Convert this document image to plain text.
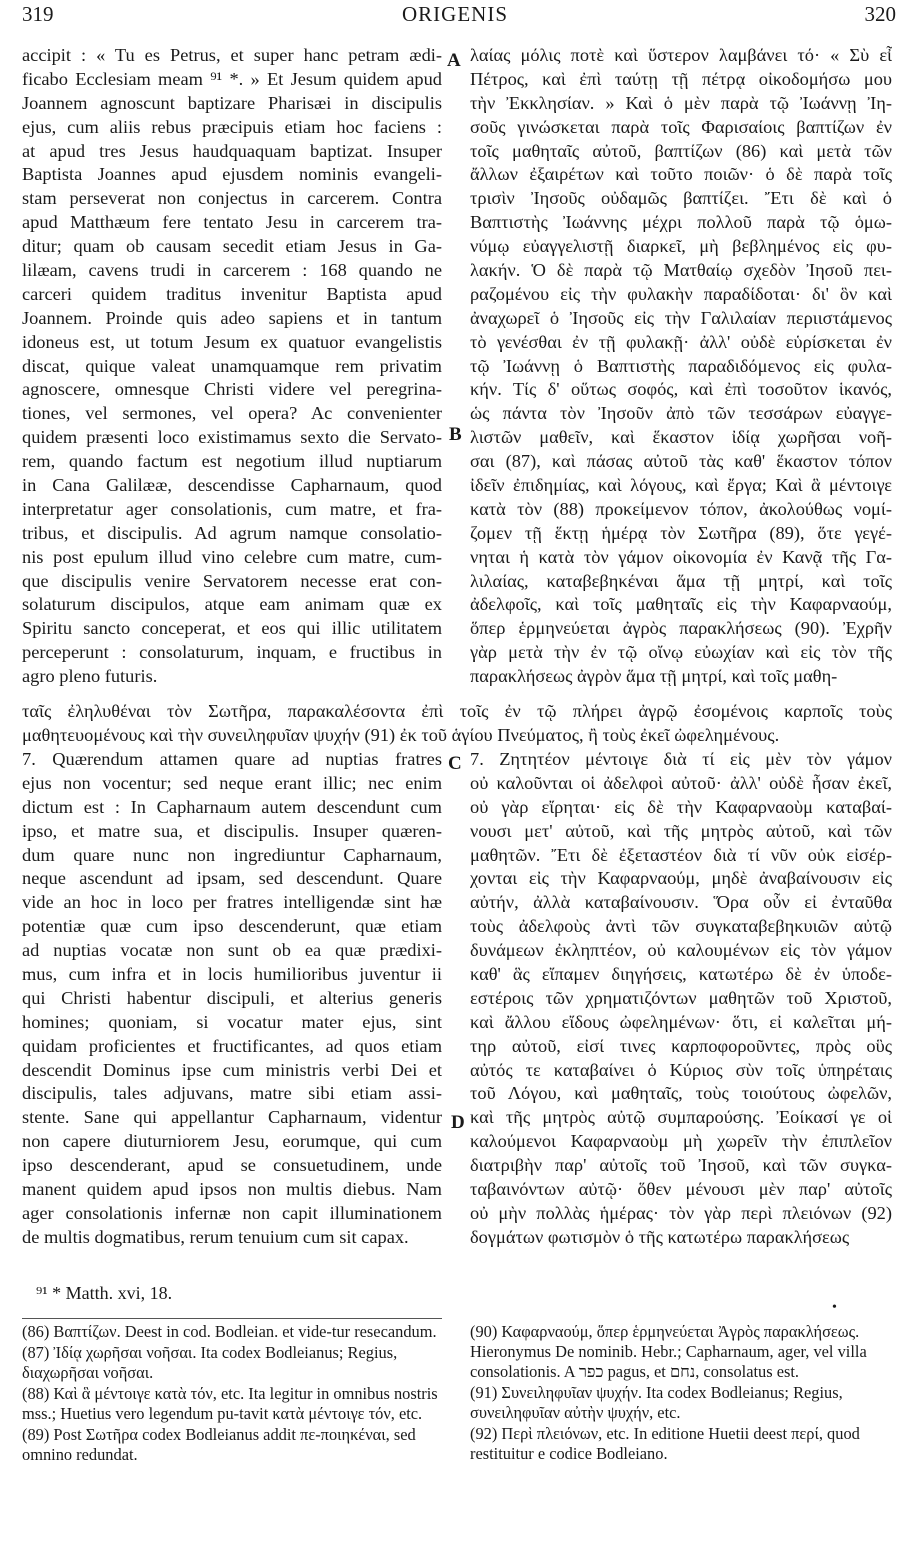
319	ORIGENIS	320
A
B
C
D
accipit : « Tu es Petrus, et super hanc petram ædi-
ficabo Ecclesiam meam ⁹¹ *. » Et Jesum quidem apud
Joannem agnoscunt baptizare Pharisæi in discipulis
ejus, cum aliis rebus præcipuis etiam hoc faciens :
at apud tres Jesus haudquaquam baptizat. Insuper
Baptista Joannes apud ejusdem nominis evangeli-
stam perseverat non conjectus in carcerem. Contra
apud Matthæum fere tentato Jesu in carcerem tra-
ditur; quam ob causam secedit etiam Jesus in Ga-
lilæam, cavens trudi in carcerem : 168 quando ne
carceri quidem traditus invenitur Baptista apud
Joannem. Proinde quis adeo sapiens et in tantum
idoneus est, ut totum Jesum ex quatuor evangelistis
discat, quique valeat unamquamque rem privatim
agnoscere, omnesque Christi videre vel peregrina-
tiones, vel sermones, vel opera? Ac convenienter
quidem præsenti loco existimamus sexto die Servato-
rem, quando factum est negotium illud nuptiarum
in Cana Galilææ, descendisse Capharnaum, quod
interpretatur ager consolationis, cum matre, et fra-
tribus, et discipulis. Ad agrum namque consolatio-
nis post epulum illud vino celebre cum matre, cum-
que discipulis venire Servatorem necesse erat con-
solaturum discipulos, atque eam animam quæ ex
Spiritu sancto conceperat, et eos qui illic utilitatem
perceperunt : consolaturum, inquam, e fructibus in
agro pleno futuris.
λαίας μόλις ποτὲ καὶ ὕστερον λαμβάνει τό· « Σὺ εἶ
Πέτρος, καὶ ἐπὶ ταύτῃ τῇ πέτρᾳ οἰκοδομήσω μου
τὴν Ἐκκλησίαν. » Καὶ ὁ μὲν παρὰ τῷ Ἰωάννῃ Ἰη-
σοῦς γινώσκεται παρὰ τοῖς Φαρισαίοις βαπτίζων ἐν
τοῖς μαθηταῖς αὐτοῦ, βαπτίζων (86) καὶ μετὰ τῶν
ἄλλων ἐξαιρέτων καὶ τοῦτο ποιῶν· ὁ δὲ παρὰ τοῖς
τρισὶν Ἰησοῦς οὐδαμῶς βαπτίζει. Ἔτι δὲ καὶ ὁ
Βαπτιστὴς Ἰωάννης μέχρι πολλοῦ παρὰ τῷ ὁμω-
νύμῳ εὐαγγελιστῇ διαρκεῖ, μὴ βεβλημένος εἰς φυ-
λακήν. Ὁ δὲ παρὰ τῷ Ματθαίῳ σχεδὸν Ἰησοῦ πει-
ραζομένου εἰς τὴν φυλακὴν παραδίδοται· δι' ὃν καὶ
ἀναχωρεῖ ὁ Ἰησοῦς εἰς τὴν Γαλιλαίαν περιιστάμενος
τὸ γενέσθαι ἐν τῇ φυλακῇ· ἀλλ' οὐδὲ εὑρίσκεται ἐν
τῷ Ἰωάννῃ ὁ Βαπτιστὴς παραδιδόμενος εἰς φυλα-
κήν. Τίς δ' οὕτως σοφός, καὶ ἐπὶ τοσοῦτον ἱκανός,
ὡς πάντα τὸν Ἰησοῦν ἀπὸ τῶν τεσσάρων εὐαγγε-
λιστῶν μαθεῖν, καὶ ἕκαστον ἰδίᾳ χωρῆσαι νοῆ-
σαι (87), καὶ πάσας αὐτοῦ τὰς καθ' ἕκαστον τόπον
ἰδεῖν ἐπιδημίας, καὶ λόγους, καὶ ἔργα; Καὶ ἃ μέντοιγε
κατὰ τὸν (88) προκείμενον τόπον, ἀκολούθως νομί-
ζομεν τῇ ἕκτῃ ἡμέρᾳ τὸν Σωτῆρα (89), ὅτε γεγέ-
νηται ἡ κατὰ τὸν γάμον οἰκονομία ἐν Κανᾷ τῆς Γα-
λιλαίας, καταβεβηκέναι ἅμα τῇ μητρί, καὶ τοῖς
ἀδελφοῖς, καὶ τοῖς μαθηταῖς εἰς τὴν Καφαρναούμ,
ὅπερ ἑρμηνεύεται ἀγρὸς παρακλήσεως (90). Ἐχρῆν
γὰρ μετὰ τὴν ἐν τῷ οἴνῳ εὐωχίαν καὶ εἰς τὸν τῆς
παρακλήσεως ἀγρὸν ἅμα τῇ μητρί, καὶ τοῖς μαθη-
ταῖς ἐληλυθέναι τὸν Σωτῆρα, παρακαλέσοντα ἐπὶ τοῖς ἐν τῷ πλήρει ἀγρῷ ἐσομένοις καρποῖς τοὺς
μαθητευομένους καὶ τὴν συνειληφυῖαν ψυχήν (91) ἐκ τοῦ ἁγίου Πνεύματος, ἢ τοὺς ἐκεῖ ὠφελημένους.
7. Quærendum attamen quare ad nuptias fratres
ejus non vocentur; sed neque erant illic; nec enim
dictum est : In Capharnaum autem descendunt cum
ipso, et matre sua, et discipulis. Insuper quæren-
dum quare nunc non ingrediuntur Capharnaum,
neque ascendunt ad ipsam, sed descendunt. Quare
vide an hoc in loco per fratres intelligendæ sint hæ
potentiæ quæ cum ipso descenderunt, quæ etiam
ad nuptias vocatæ non sunt ob ea quæ prædixi-
mus, cum infra et in locis humilioribus juventur ii
qui Christi habentur discipuli, et alterius generis
homines; quoniam, si vocatur mater ejus, sint
quidam proficientes et fructificantes, ad quos etiam
descendit Dominus ipse cum ministris verbi Dei et
discipulis, tales adjuvans, matre sibi etiam assi-
stente. Sane qui appellantur Capharnaum, videntur
non capere diuturniorem Jesu, eorumque, qui cum
ipso descenderant, apud se consuetudinem, unde
manent quidem apud ipsos non multis diebus. Nam
ager consolationis infernæ non capit illuminationem
de multis dogmatibus, rerum tenuium cum sit capax.
7. Ζητητέον μέντοιγε διὰ τί εἰς μὲν τὸν γάμον
οὐ καλοῦνται οἱ ἀδελφοὶ αὐτοῦ· ἀλλ' οὐδὲ ἦσαν ἐκεῖ,
οὐ γὰρ εἴρηται· εἰς δὲ τὴν Καφαρναοὺμ καταβαί-
νουσι μετ' αὐτοῦ, καὶ τῆς μητρὸς αὐτοῦ, καὶ τῶν
μαθητῶν. Ἔτι δὲ ἐξεταστέον διὰ τί νῦν οὐκ εἰσέρ-
χονται εἰς τὴν Καφαρναούμ, μηδὲ ἀναβαίνουσιν εἰς
αὐτήν, ἀλλὰ καταβαίνουσιν. Ὅρα οὖν εἰ ἐνταῦθα
τοὺς ἀδελφοὺς ἀντὶ τῶν συγκαταβεβηκυιῶν αὐτῷ
δυνάμεων ἐκληπτέον, οὐ καλουμένων εἰς τὸν γάμον
καθ' ἃς εἴπαμεν διηγήσεις, κατωτέρω δὲ ἐν ὑποδε-
εστέροις τῶν χρηματιζόντων μαθητῶν τοῦ Χριστοῦ,
καὶ ἄλλου εἴδους ὠφελημένων· ὅτι, εἰ καλεῖται μή-
τηρ αὐτοῦ, εἰσί τινες καρποφοροῦντες, πρὸς οὓς
αὐτός τε καταβαίνει ὁ Κύριος σὺν τοῖς ὑπηρέταις
τοῦ Λόγου, καὶ μαθηταῖς, τοὺς τοιούτους ὠφελῶν,
καὶ τῆς μητρὸς αὐτῷ συμπαρούσης. Ἐοίκασί γε οἱ
καλούμενοι Καφαρναοὺμ μὴ χωρεῖν τὴν ἐπιπλεῖον
διατριβὴν παρ' αὐτοῖς τοῦ Ἰησοῦ, καὶ τῶν συγκα-
ταβαινόντων αὐτῷ· ὅθεν μένουσι μὲν παρ' αὐτοῖς
οὐ μὴν πολλὰς ἡμέρας· τὸν γὰρ περὶ πλειόνων (92)
δογμάτων φωτισμὸν ὁ τῆς κατωτέρω παρακλήσεως
⁹¹ * Matth. xvi, 18.
•
(86) Βαπτίζων. Deest in cod. Bodleian. et vide-tur resecandum.
(87) Ἰδίᾳ χωρῆσαι νοῆσαι. Ita codex Bodleianus; Regius, διαχωρῆσαι νοῆσαι.
(88) Καὶ ἃ μέντοιγε κατὰ τόν, etc. Ita legitur in omnibus nostris mss.; Huetius vero legendum pu-tavit κατὰ μέντοιγε τόν, etc.
(89) Post Σωτῆρα codex Bodleianus addit πε-ποιηκέναι, sed omnino redundat.
(90) Καφαρναούμ, ὅπερ ἑρμηνεύεται Ἀγρὸς παρακλήσεως. Hieronymus De nominib. Hebr.; Capharnaum, ager, vel villa consolationis. A כפר pagus, et נחם, consolatus est.
(91) Συνειληφυῖαν ψυχήν. Ita codex Bodleianus; Regius, συνειληφυῖαν αὐτὴν ψυχήν, etc.
(92) Περὶ πλειόνων, etc. In editione Huetii deest περί, quod restituitur e codice Bodleiano.
